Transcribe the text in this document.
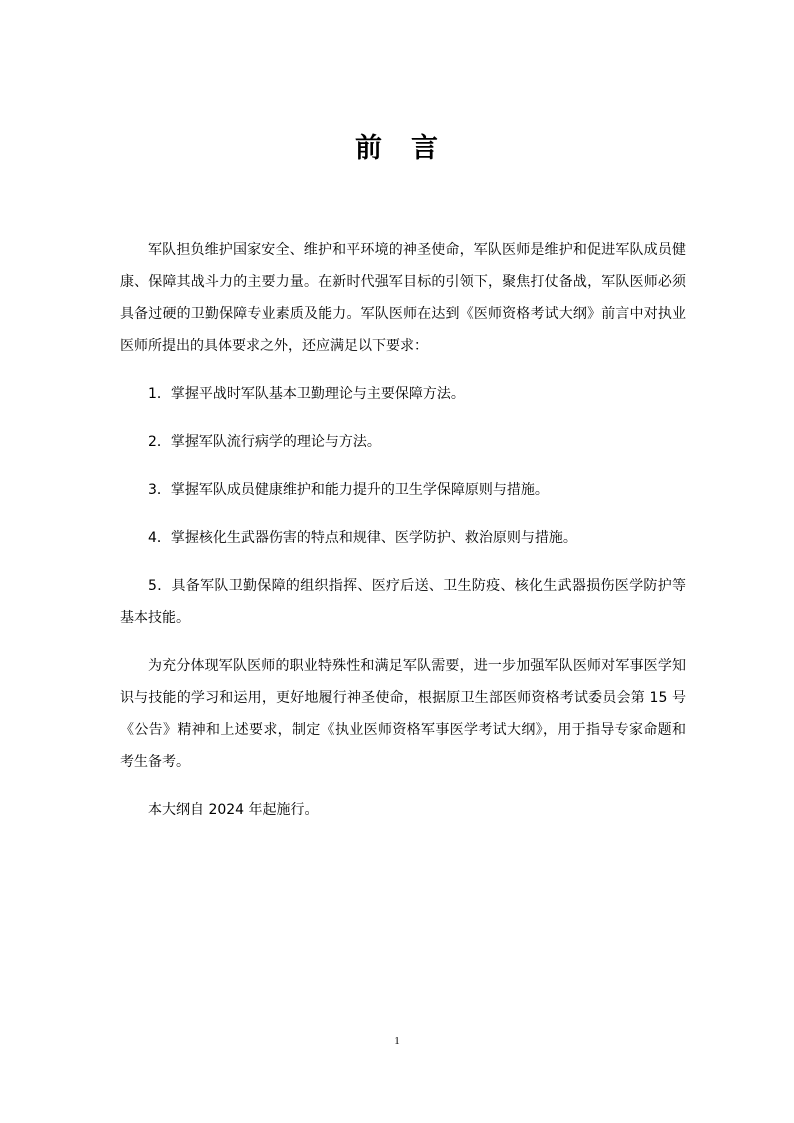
前　言

军队担负维护国家安全、维护和平环境的神圣使命，军队医师是维护和促进军队成员健康、保障其战斗力的主要力量。在新时代强军目标的引领下，聚焦打仗备战，军队医师必须具备过硬的卫勤保障专业素质及能力。军队医师在达到《医师资格考试大纲》前言中对执业医师所提出的具体要求之外，还应满足以下要求：

1．掌握平战时军队基本卫勤理论与主要保障方法。

2．掌握军队流行病学的理论与方法。

3．掌握军队成员健康维护和能力提升的卫生学保障原则与措施。

4．掌握核化生武器伤害的特点和规律、医学防护、救治原则与措施。

5．具备军队卫勤保障的组织指挥、医疗后送、卫生防疫、核化生武器损伤医学防护等基本技能。

为充分体现军队医师的职业特殊性和满足军队需要，进一步加强军队医师对军事医学知识与技能的学习和运用，更好地履行神圣使命，根据原卫生部医师资格考试委员会第 15 号《公告》精神和上述要求，制定《执业医师资格军事医学考试大纲》，用于指导专家命题和考生备考。

本大纲自 2024 年起施行。

1
